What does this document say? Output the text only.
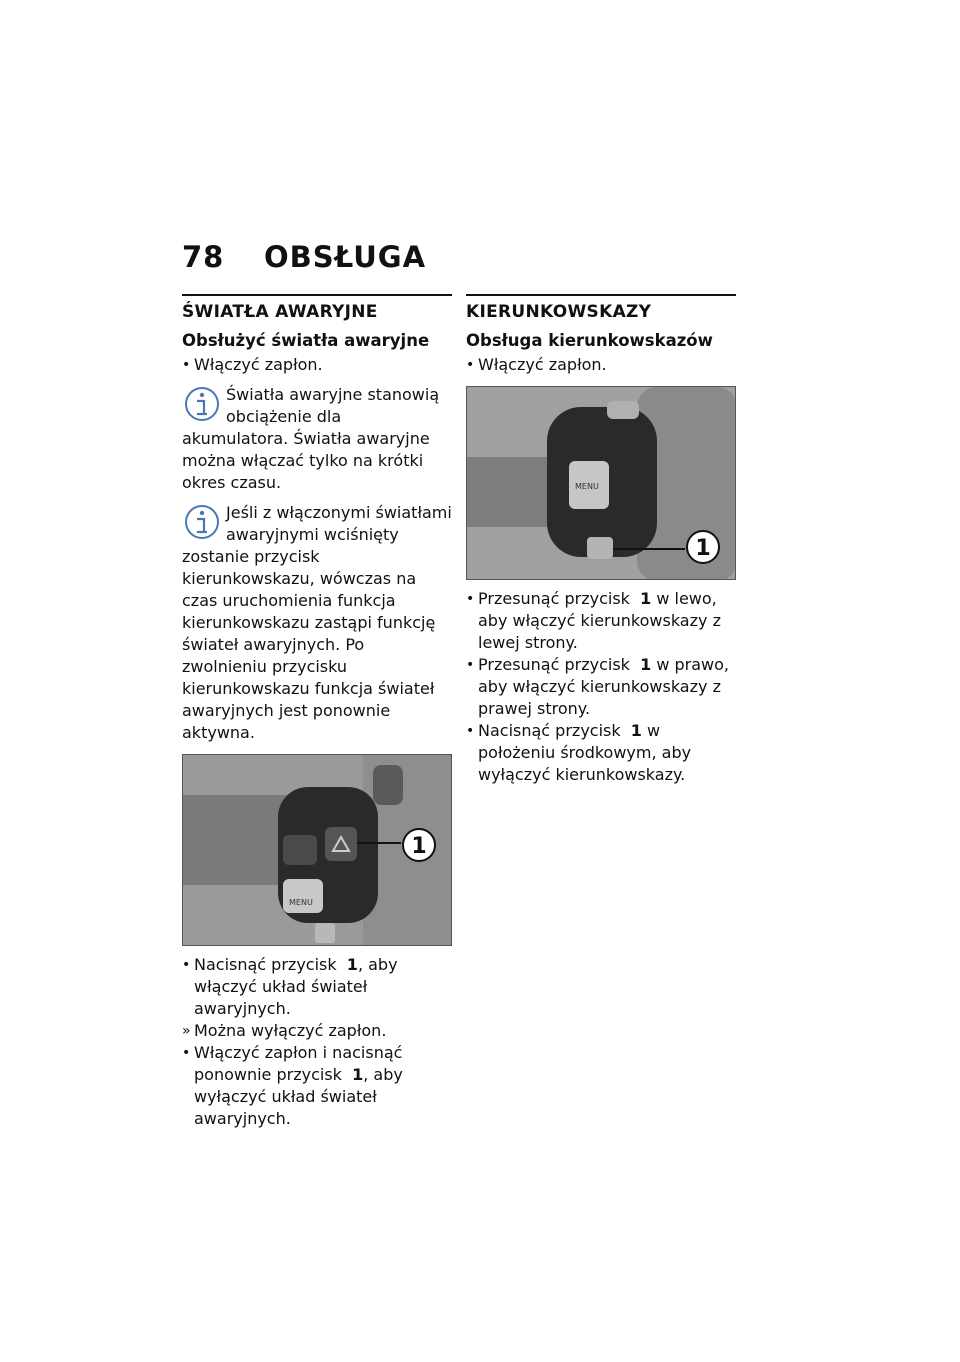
78 OBSŁUGA
ŚWIATŁA AWARYJNE
Obsłużyć światła awaryjne
• Włączyć zapłon.

Światła awaryjne stanowią obciążenie dla akumulatora. Światła awaryjne można włączać tylko na krótki okres czasu.

Jeśli z włączonymi światłami awaryjnymi wciśnięty zostanie przycisk kierunkowskazu, wówczas na czas uruchomienia funkcja kierunkowskazu zastąpi funkcję świateł awaryjnych. Po zwolnieniu przycisku kierunkowskazu funkcja świateł awaryjnych jest ponownie aktywna.

MENU
1
• Nacisnąć przycisk 1, aby włączyć układ świateł awaryjnych.
» Można wyłączyć zapłon.
• Włączyć zapłon i nacisnąć ponownie przycisk 1, aby wyłączyć układ świateł awaryjnych.
KIERUNKOWSKAZY
Obsługa kierunkowskazów
• Włączyć zapłon.
MENU
1
• Przesunąć przycisk 1 w lewo, aby włączyć kierunkowskazy z lewej strony.
• Przesunąć przycisk 1 w prawo, aby włączyć kierunkowskazy z prawej strony.
• Nacisnąć przycisk 1 w położeniu środkowym, aby wyłączyć kierunkowskazy.
